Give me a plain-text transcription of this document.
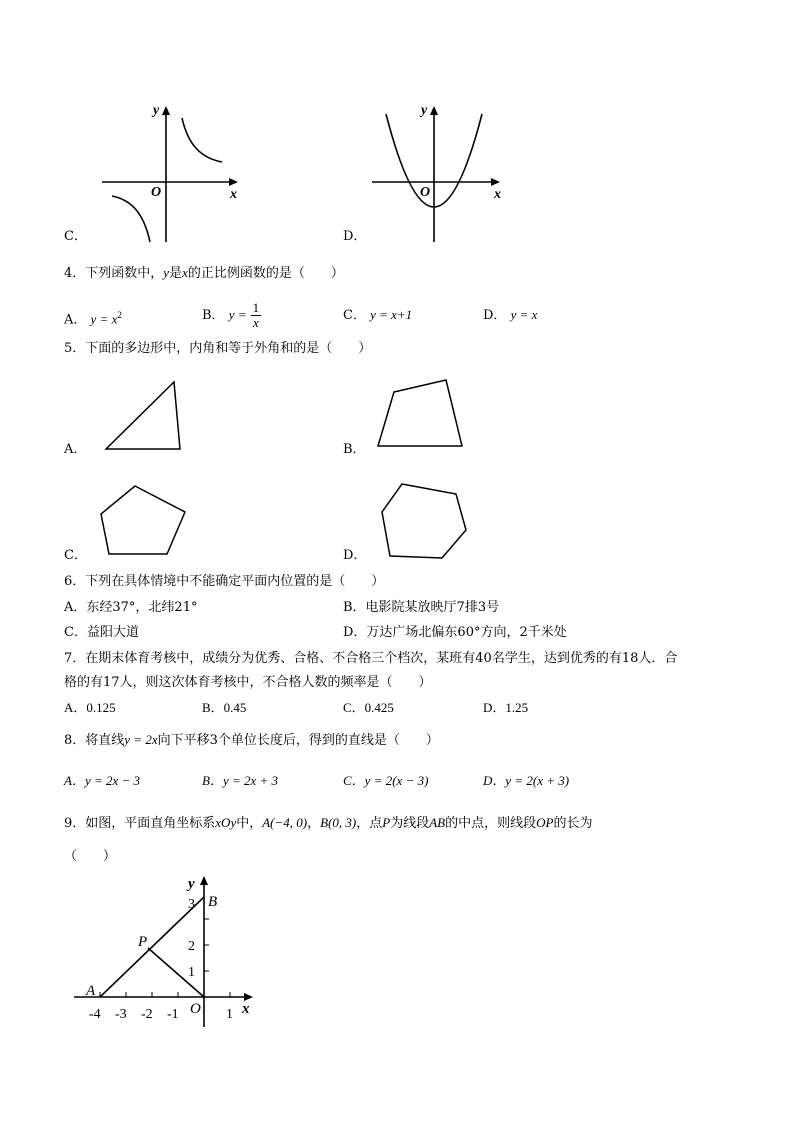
y
x
O
C．
y
x
O
D．
4．下列函数中，y是x的正比例函数的是（　　）
A． $y = x^2$	B． $y = \frac{1}{x}$	C． y = x+1	D． y = x
5．下面的多边形中，内角和等于外角和的是（　　）
A．	B．
C．	D．
6．下列在具体情境中不能确定平面内位置的是（　　）
A．东经37°，北纬21°	B．电影院某放映厅7排3号
C．益阳大道	D．万达广场北偏东60°方向，2千米处
7．在期末体育考核中，成绩分为优秀、合格、不合格三个档次，某班有40名学生，达到优秀的有18人．合
格的有17人，则这次体育考核中，不合格人数的频率是（　　）
A．0.125	B．0.45	C．0.425	D．1.25
8．将直线y = 2x向下平移3个单位长度后，得到的直线是（　　）
A．y = 2x − 3	B．y = 2x + 3	C．y = 2(x − 3)	D．y = 2(x + 3)
9．如图，平面直角坐标系xOy中，A(−4, 0)，B(0, 3)，点P为线段AB的中点，则线段OP的长为
（　　）
A
B
P
O	x
y
-4 -3 -2 -1	1
1
2
3
